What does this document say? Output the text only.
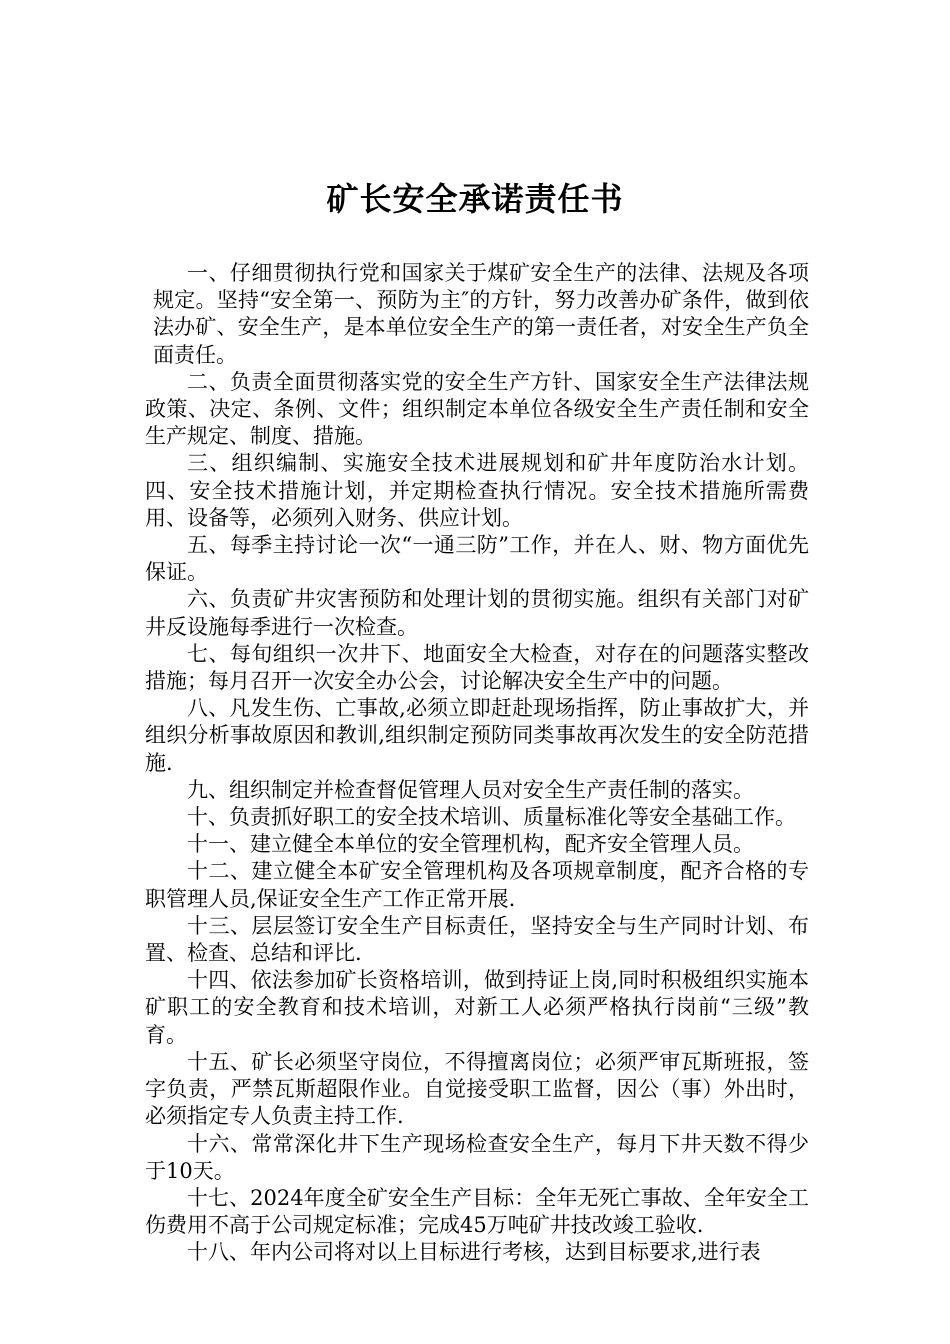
矿长安全承诺责任书

一、仔细贯彻执行党和国家关于煤矿安全生产的法律、法规及各项规定。坚持“安全第一、预防为主″的方针，努力改善办矿条件，做到依法办矿、安全生产，是本单位安全生产的第一责任者，对安全生产负全面责任。

二、负责全面贯彻落实党的安全生产方针、国家安全生产法律法规政策、决定、条例、文件；组织制定本单位各级安全生产责任制和安全生产规定、制度、措施。

三、组织编制、实施安全技术进展规划和矿井年度防治水计划。四、安全技术措施计划，并定期检查执行情况。安全技术措施所需费用、设备等，必须列入财务、供应计划。

五、每季主持讨论一次“一通三防”工作，并在人、财、物方面优先保证。

六、负责矿井灾害预防和处理计划的贯彻实施。组织有关部门对矿井反设施每季进行一次检查。

七、每旬组织一次井下、地面安全大检查，对存在的问题落实整改措施；每月召开一次安全办公会，讨论解决安全生产中的问题。

八、凡发生伤、亡事故,必须立即赶赴现场指挥，防止事故扩大，并组织分析事故原因和教训,组织制定预防同类事故再次发生的安全防范措施.

九、组织制定并检查督促管理人员对安全生产责任制的落实。

十、负责抓好职工的安全技术培训、质量标准化等安全基础工作。

十一、建立健全本单位的安全管理机构，配齐安全管理人员。

十二、建立健全本矿安全管理机构及各项规章制度，配齐合格的专职管理人员,保证安全生产工作正常开展.

十三、层层签订安全生产目标责任，坚持安全与生产同时计划、布置、检查、总结和评比.

十四、依法参加矿长资格培训，做到持证上岗,同时积极组织实施本矿职工的安全教育和技术培训，对新工人必须严格执行岗前“三级”教育。

十五、矿长必须坚守岗位，不得擅离岗位；必须严审瓦斯班报，签字负责，严禁瓦斯超限作业。自觉接受职工监督，因公（事）外出时，必须指定专人负责主持工作.

十六、常常深化井下生产现场检查安全生产，每月下井天数不得少于10天。

十七、2024年度全矿安全生产目标：全年无死亡事故、全年安全工伤费用不高于公司规定标准；完成45万吨矿井技改竣工验收.

十八、年内公司将对以上目标进行考核，达到目标要求,进行表
